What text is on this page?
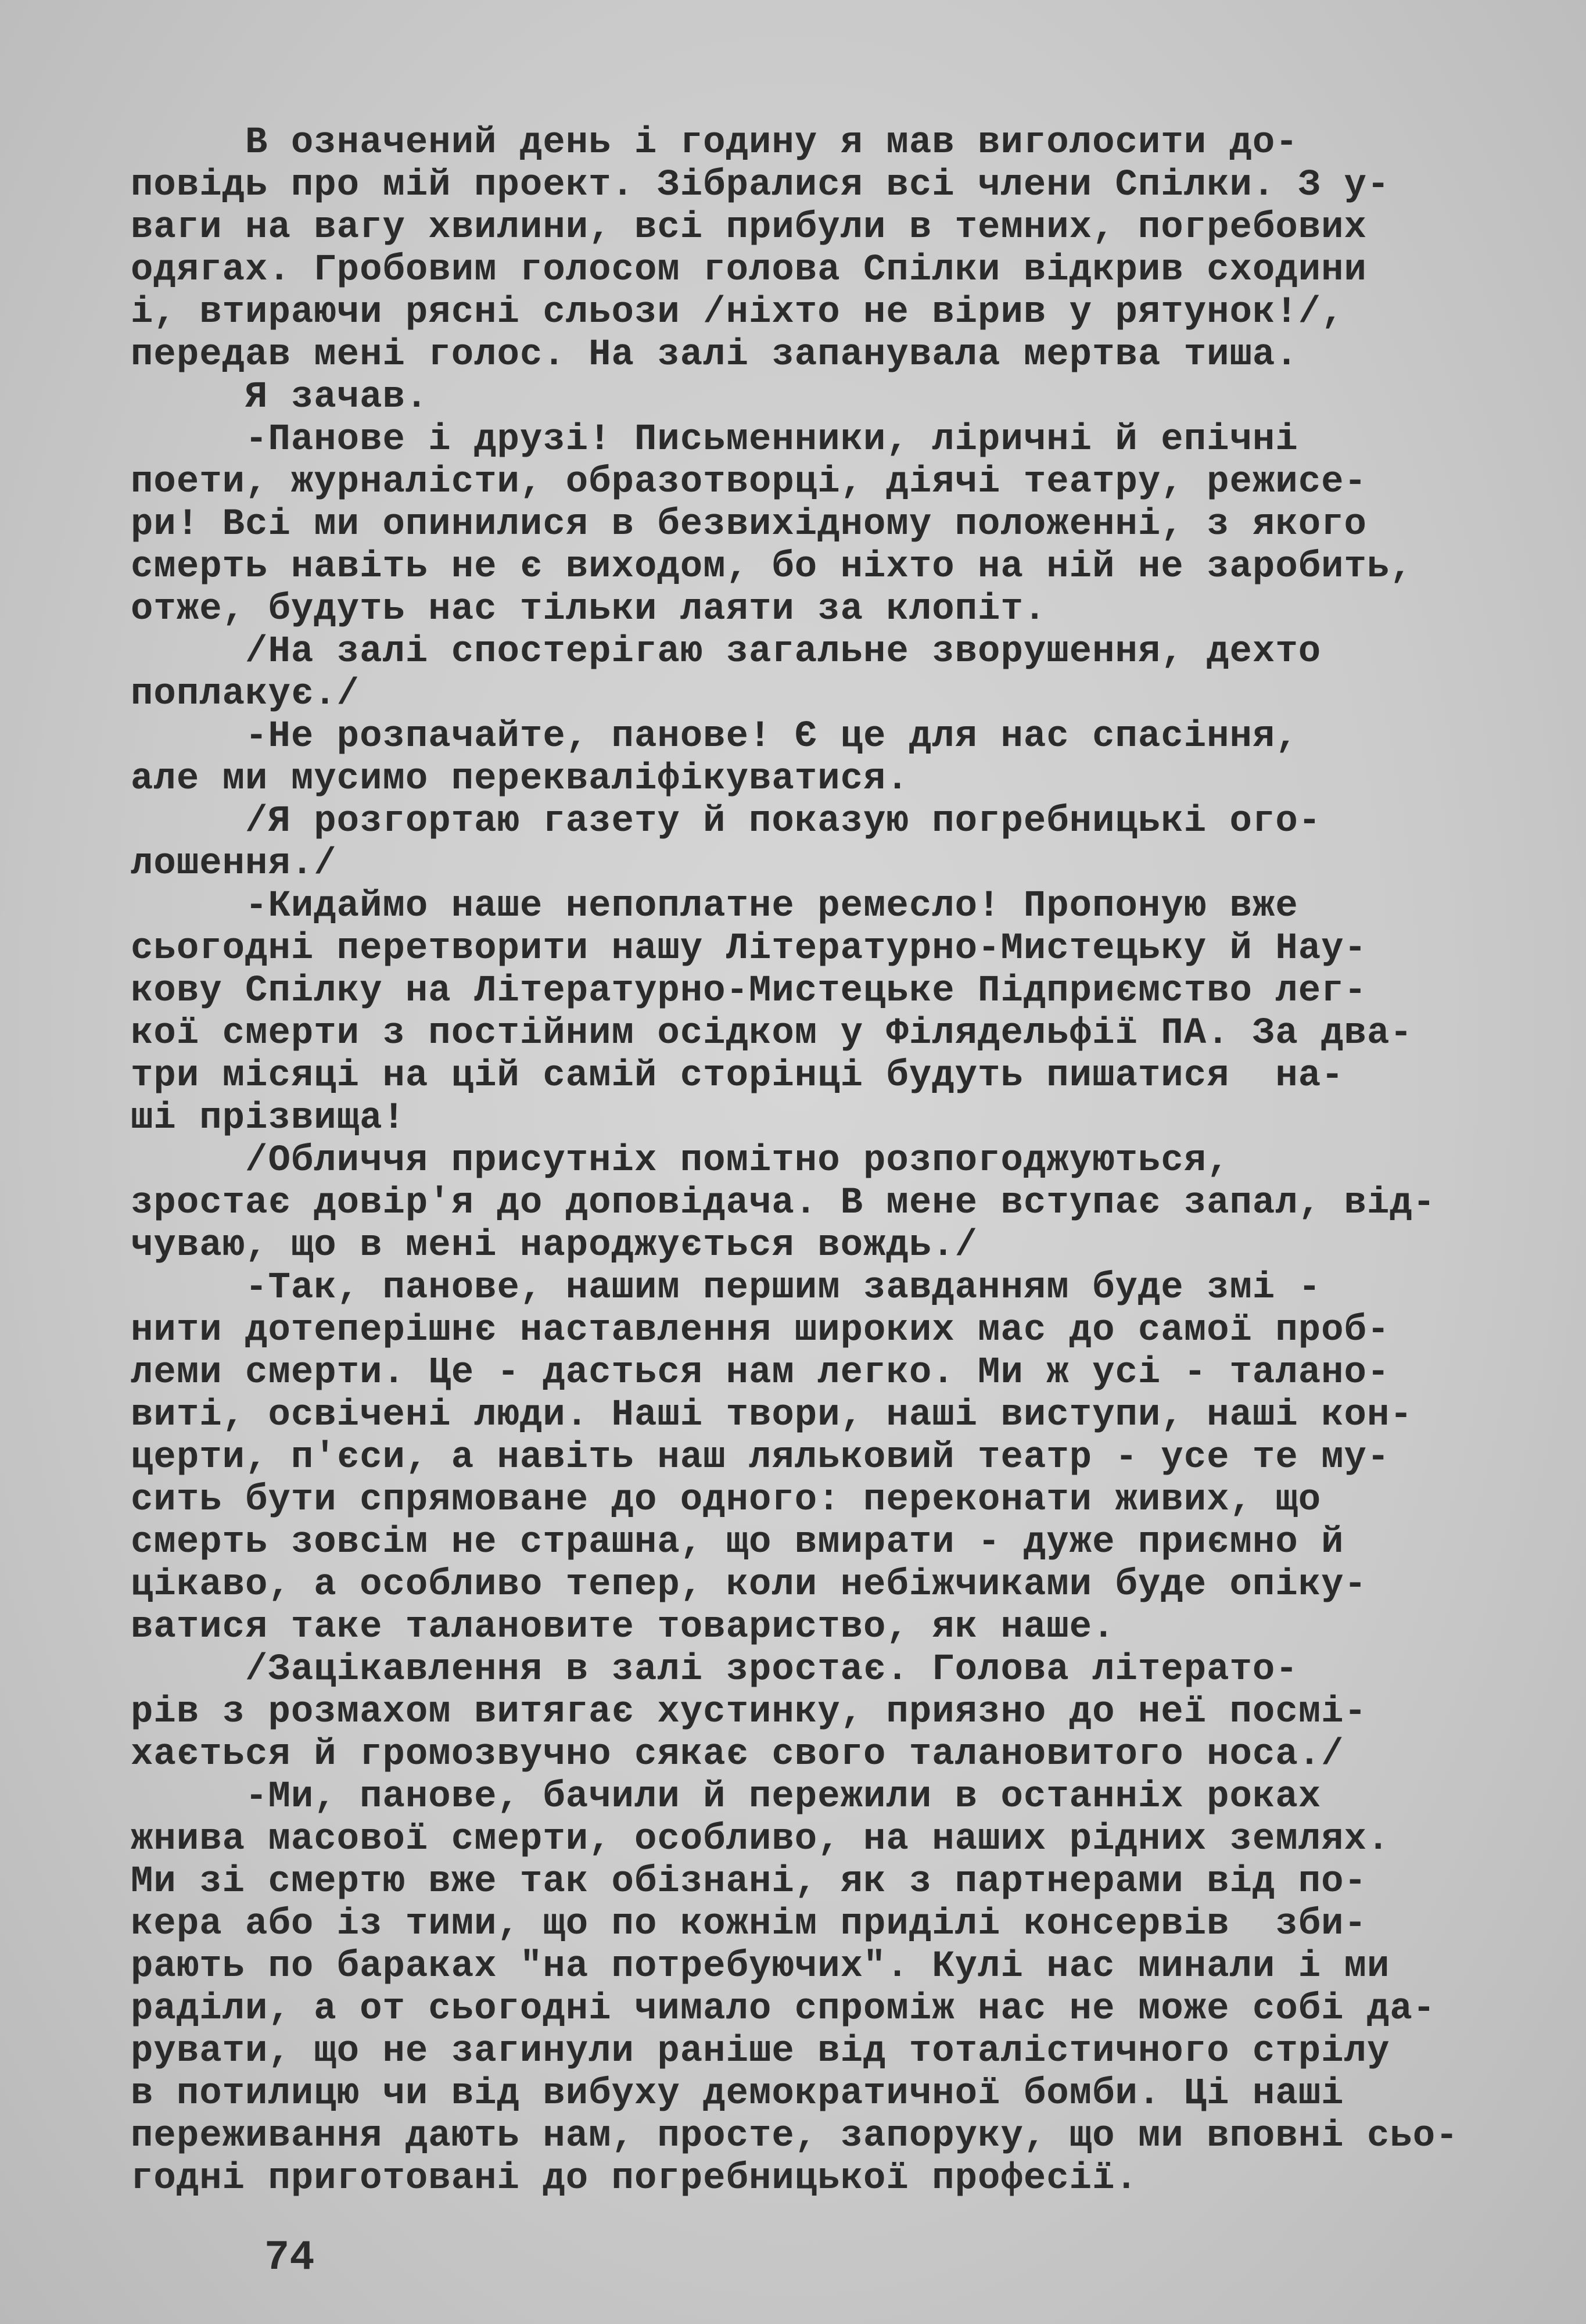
В означений день і годину я мав виголосити до-
повідь про мій проект. Зібралися всі члени Спілки. З у-
ваги на вагу хвилини, всі прибули в темних, погребових
одягах. Гробовим голосом голова Спілки відкрив сходини
і, втираючи рясні сльози /ніхто не вірив у рятунок!/,
передав мені голос. На залі запанувала мертва тиша.
Я зачав.
-Панове і друзі! Письменники, ліричні й епічні
поети, журналісти, образотворці, діячі театру, режисе-
ри! Всі ми опинилися в безвихідному положенні, з якого
смерть навіть не є виходом, бо ніхто на ній не заробить,
отже, будуть нас тільки лаяти за клопіт.
/На залі спостерігаю загальне зворушення, дехто
поплакує./
-Не розпачайте, панове! Є це для нас спасіння,
але ми мусимо перекваліфікуватися.
/Я розгортаю газету й показую погребницькі ого-
лошення./
-Кидаймо наше непоплатне ремесло! Пропоную вже
сьогодні перетворити нашу Літературно-Мистецьку й Нау-
кову Спілку на Літературно-Мистецьке Підприємство лег-
кої смерти з постійним осідком у Філядельфії ПА. За два-
три місяці на цій самій сторінці будуть пишатися  на-
ші прізвища!
/Обличчя присутніх помітно розпогоджуються,
зростає довір'я до доповідача. В мене вступає запал, від-
чуваю, що в мені народжується вождь./
-Так, панове, нашим першим завданням буде змі -
нити дотеперішнє наставлення широких мас до самої проб-
леми смерти. Це - дасться нам легко. Ми ж усі - талано-
виті, освічені люди. Наші твори, наші виступи, наші кон-
церти, п'єси, а навіть наш ляльковий театр - усе те му-
сить бути спрямоване до одного: переконати живих, що
смерть зовсім не страшна, що вмирати - дуже приємно й
цікаво, а особливо тепер, коли небіжчиками буде опіку-
ватися таке талановите товариство, як наше.
/Зацікавлення в залі зростає. Голова літерато-
рів з розмахом витягає хустинку, приязно до неї посмі-
хається й громозвучно сякає свого талановитого носа./
-Ми, панове, бачили й пережили в останніх роках
жнива масової смерти, особливо, на наших рідних землях.
Ми зі смертю вже так обізнані, як з партнерами від по-
кера або із тими, що по кожнім приділі консервів  зби-
рають по бараках "на потребуючих". Кулі нас минали і ми
раділи, а от сьогодні чимало спроміж нас не може собі да-
рувати, що не загинули раніше від тоталістичного стрілу
в потилицю чи від вибуху демократичної бомби. Ці наші
переживання дають нам, просте, запоруку, що ми вповні сьо-
годні приготовані до погребницької професії.
74
